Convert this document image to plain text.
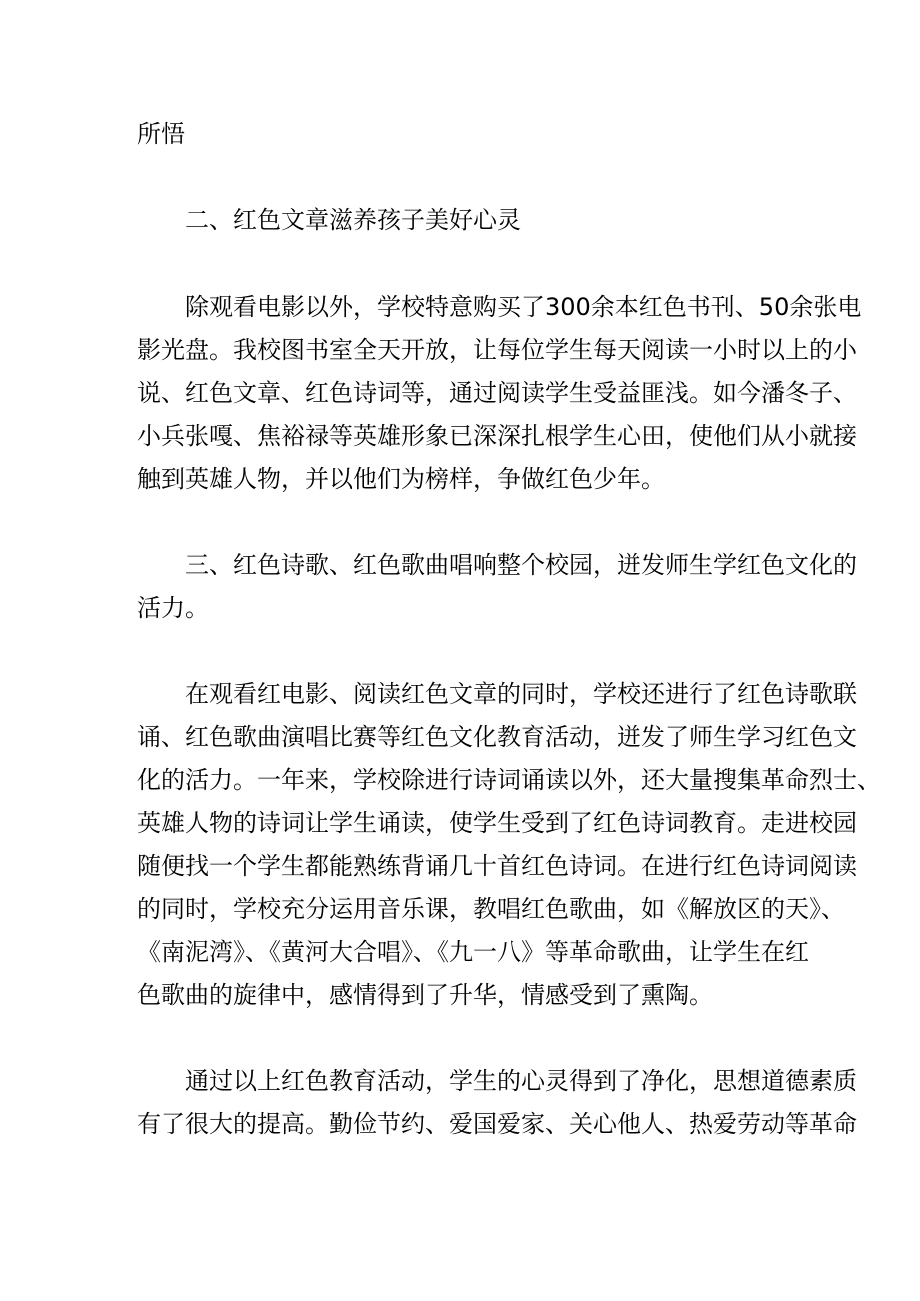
所悟

二、红色文章滋养孩子美好心灵

除观看电影以外，学校特意购买了300余本红色书刊、50余张电

影光盘。我校图书室全天开放，让每位学生每天阅读一小时以上的小

说、红色文章、红色诗词等，通过阅读学生受益匪浅。如今潘冬子、

小兵张嘎、焦裕禄等英雄形象已深深扎根学生心田，使他们从小就接

触到英雄人物，并以他们为榜样，争做红色少年。

三、红色诗歌、红色歌曲唱响整个校园，迸发师生学红色文化的

活力。

在观看红电影、阅读红色文章的同时，学校还进行了红色诗歌联

诵、红色歌曲演唱比赛等红色文化教育活动，迸发了师生学习红色文

化的活力。一年来，学校除进行诗词诵读以外，还大量搜集革命烈士、

英雄人物的诗词让学生诵读，使学生受到了红色诗词教育。走进校园

随便找一个学生都能熟练背诵几十首红色诗词。在进行红色诗词阅读

的同时，学校充分运用音乐课，教唱红色歌曲，如《解放区的天》、

《南泥湾》、《黄河大合唱》、《九一八》等革命歌曲，让学生在红

色歌曲的旋律中，感情得到了升华，情感受到了熏陶。

通过以上红色教育活动，学生的心灵得到了净化，思想道德素质

有了很大的提高。勤俭节约、爱国爱家、关心他人、热爱劳动等革命
